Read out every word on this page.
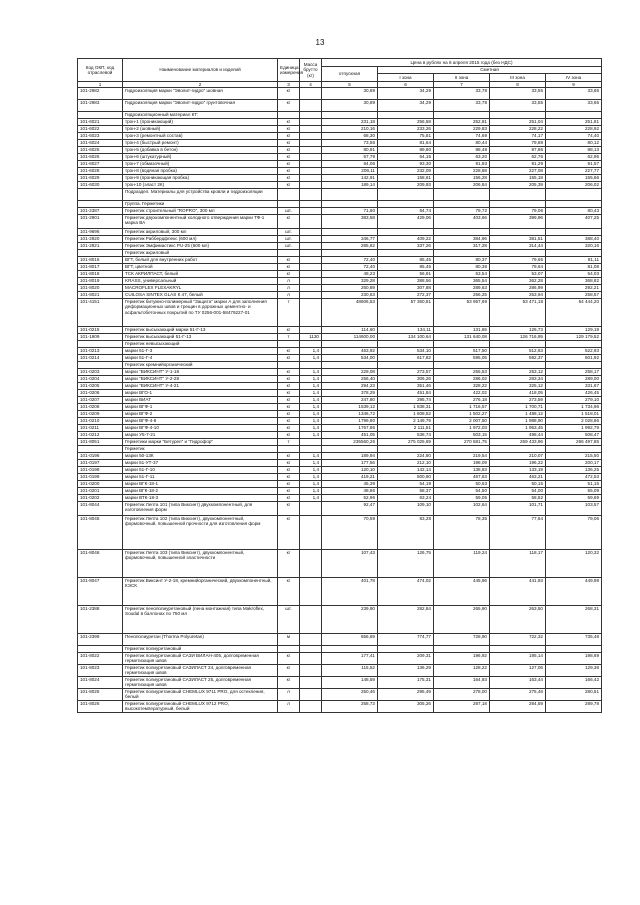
13
Код ОКП, код отраслевой	Наименование материалов и изделий	Единица измерения	Масса брутто (кг)	Цена в рублях на 6 апреля 2015 года (без НДС)				
				отпускная	Сметная			
					I зона	II зона	III зона	IV зона
1	2	3	4	5	6	7	8	9
101-2982	Гидроизоляция марки "Эволит-гидро" шовная	кг		30,89	34,29	33,78	33,55	33,65
101-2983	Гидроизоляция марки "Эволит-гидро" грунтовочная	кг		30,89	34,29	33,78	33,55	33,65
	Гидроизоляционный материал КТ:							
101-6021	трон-1 (проникающий)	кг		231,18	256,58	252,81	251,04	251,81
101-6022	трон-2 (шовный)	кг		210,16	233,26	229,83	228,22	228,92
101-6023	трон-3 (ремонтный состав)	кг		68,30	75,81	74,69	74,17	74,40
101-6024	трон-4 (быстрый ремонт)	кг		73,56	81,64	80,44	79,88	80,12
101-6025	трон-5 (добавка в бетон)	кг		80,91	89,80	88,48	87,86	88,13
101-6026	трон-6 (штукатурный)	кг		57,79	64,15	63,20	62,76	62,95
101-6027	трон-7 (обмазочный)	кг		84,06	93,30	91,93	91,29	91,57
101-6028	трон-8 (водяная пробка)	кг		209,11	232,09	228,68	227,08	227,77
101-6029	трон-9 (проникающая пробка)	кг		142,91	158,61	156,28	155,18	155,66
101-6030	трон-10 (эласт 2К)	кг		189,14	209,93	206,84	205,39	206,02
	Подраздел. Материалы для устройства кровли и гидроизоляции							
	Группа. Герметики							
101-2387	Герметик строительный "ROPRO", 300 мл	шт.		71,60	84,74	79,72	79,06	80,43
101-2901	Герметик двухкомпонентный холодного отверждения марки ТФ-1 марка ВА	кг		383,58	429,06	403,66	399,96	407,25
101-9696	Герметик акриловый, 300 мл	шт.						
101-2920	Герметик Раббердфлекс (600 мл)	шт.		346,77	409,22	384,96	381,51	388,40
101-2921	Герметик Эмфимастикс PU-25 (600 мл)	шт.		285,62	337,26	317,28	314,44	320,16
	Герметик акриловый							
101-8016	ВГТ, белый для внутренних работ	кг		72,40	85,45	80,37	79,65	81,11
101-8017	ВГТ, цветной	кг		72,40	85,45	80,38	79,64	81,08
101-8018	ТСК АКРИЛПАСТ, белый	кг		48,23	56,91	53,54	53,07	54,03
101-8019	KRASS, универсальный	л		329,28	388,56	365,54	362,28	368,82
101-8020	MACROFLEX FLEXAKRYL	л		260,89	307,88	289,63	286,99	292,21
101-8021	CUILOSA SINTEX GLAS К 47, белый	л		230,63	272,37	256,25	253,94	258,57
101-4151	Герметик битумно-полимерный "Защита" марки А для заполнения деформационных швов и трещин в дорожных цементно- и асфальтобетонных покрытий по ТУ 0256-001-58479227-01	т		48606,53	57 360,81	53 957,69	53 471,18	54 444,20
101-0215	Герметик высыхающий марки 51-Г-13	кг		114,60	134,11	131,65	126,73	129,19
101-1909	Герметик высыхающий 51-Г-13	т	1130	114600,00	134 100,64	131 640,08	126 716,95	129 179,52
	Герметик невысыхающий							
101-0213	марки 51-Г-3	кг	1,4	463,92	534,10	517,50	512,63	522,93
101-0214	марки 51-Г-4	кг	1,4	534,00	617,82	595,05	592,37	601,92
	Герметик кремнийорганический							
101-0203	марки "ВИКСИНТ" У-1-18	кг	1,4	229,08	273,57	255,53	253,12	258,17
101-0204	марки "ВИКСИНТ" У-2-28	кг	1,4	256,40	306,26	286,02	283,34	289,00
101-0205	марки "ВИКСИНТ" У-4-21	кг	1,4	294,23	351,46	328,22	325,12	331,67
101-0206	марки ВГО-1	кг	1,4	378,29	451,84	422,02	418,05	426,45
101-0207	марки ВИАТ	кг	1,4	247,80	295,74	276,18	273,59	279,10
101-0208	марки ВГФ-1	кг	1,4	1539,12	1 838,31	1 716,57	1 700,71	1 734,96
101-0209	марки ВГФ-2	кг	1,4	1346,72	1 608,52	1 502,27	1 488,12	1 518,01
101-0210	марки ВГФ-4-8	кг	1,4	1799,80	2 149,79	2 007,50	1 988,90	2 028,86
101-0211	марки ВГФ-4-10	кг	1,4	1767,86	2 111,51	1 972,03	1 953,45	1 992,79
101-0212	марки У5-7-21	кг	1,4	451,05	538,74	503,15	498,44	508,47
101-8051	Герметики марки "Бетурел" и "Гидрофор"	т		235560,26	275 025,69	270 581,75	269 433,96	266 497,85
	Герметик							
101-0196	марки 50-13К	кг	1,4	189,94	224,80	219,54	210,07	215,50
101-0197	марки 51-УТ-37	кг	1,4	177,56	212,10	198,09	196,22	200,17
101-0198	марки 51-Г-10	кг	1,4	120,10	142,14	138,83	133,19	136,25
101-0199	марки 51-Г-11	кг	1,4	419,21	500,60	467,63	463,21	472,53
101-0200	марки ВГК-18-1	кг	1,4	45,39	54,19	50,63	50,15	51,15
101-0201	марки ВГК-18-2	кг	1,4	48,86	58,37	54,50	54,00	55,09
101-0202	марки ВТК-18-3	кг	1,4	52,96	63,24	59,05	58,52	59,69
101-8044	Герметик Лепта 101 (типа Виксинт) двухкомпонентный, для изготовления форм	кг		92,47	109,10	102,64	101,71	103,57
101-8045	Герметик Лепта 102 (типа Виксинт), двухкомпонентный, формовочный, повышенной прочности для изготовления форм	кг		70,59	83,28	78,35	77,64	79,06
101-8046	Герметик Лепта 103 (типа Виксинт), двухкомпонентный, формовочный, повышенной эластичности	кг		107,43	126,75	119,24	118,17	120,32
101-8047	Герметик Виксинт У-2-18, кремнийорганический, двухкомпонентный, КЭСК	кг		401,78	474,02	445,96	441,93	449,98
101-2388	Герметик пенополиуретановый (пена монтажная) типа Makroflex, Soudal в баллонах по 750 мл	шт.		239,90	282,84	265,90	263,50	268,31
101-2399	Пенополиуретан (Thorma Polyuretan)	м		656,69	774,77	728,90	722,32	735,48
	Герметик полиуретановый							
101-8022	Герметик полиуретановый САЗИ ВИЛАН-405, долговременная герметизация швов	кг		177,41	209,31	196,92	195,14	198,69
101-8023	Герметик полиуретановый САЗИЛАСТ 24, долговременная герметизация швов	кг		115,52	136,29	128,22	127,06	129,38
101-8024	Герметик полиуретановый САЗИЛАСТ 25, долговременная герметизация швов	кг		148,59	175,31	164,93	163,44	166,42
101-8025	Герметик полиуретановый CHEMLUX 9711 PRO, для остекления, белый	л		250,46	295,49	278,00	275,48	280,51
101-8026	Герметик полиуретановый CHEMLUX 9712 PRO, высокотемпературный, белый	л		258,73	305,26	287,18	284,59	289,78
